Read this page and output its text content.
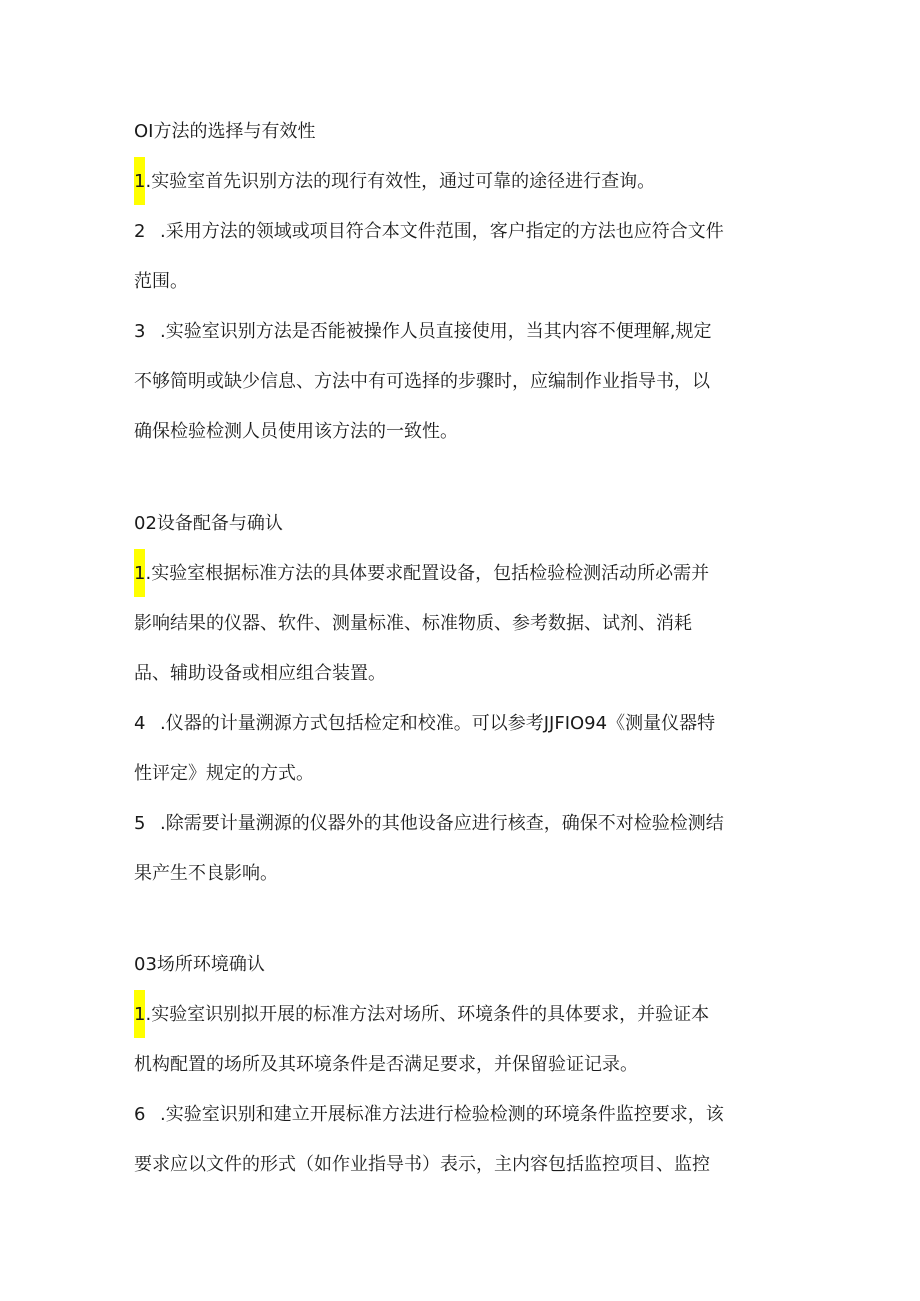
OI方法的选择与有效性
1.实验室首先识别方法的现行有效性，通过可靠的途径进行查询。
2 .采用方法的领域或项目符合本文件范围，客户指定的方法也应符合文件
范围。
3 .实验室识别方法是否能被操作人员直接使用，当其内容不便理解,规定
不够简明或缺少信息、方法中有可选择的步骤时，应编制作业指导书，以
确保检验检测人员使用该方法的一致性。
02设备配备与确认
1.实验室根据标准方法的具体要求配置设备，包括检验检测活动所必需并
影响结果的仪器、软件、测量标准、标准物质、参考数据、试剂、消耗
品、辅助设备或相应组合装置。
4 .仪器的计量溯源方式包括检定和校准。可以参考JJFIO94《测量仪器特
性评定》规定的方式。
5 .除需要计量溯源的仪器外的其他设备应进行核查，确保不对检验检测结
果产生不良影响。
03场所环境确认
1.实验室识别拟开展的标准方法对场所、环境条件的具体要求，并验证本
机构配置的场所及其环境条件是否满足要求，并保留验证记录。
6 .实验室识别和建立开展标准方法进行检验检测的环境条件监控要求，该
要求应以文件的形式（如作业指导书）表示，主内容包括监控项目、监控
